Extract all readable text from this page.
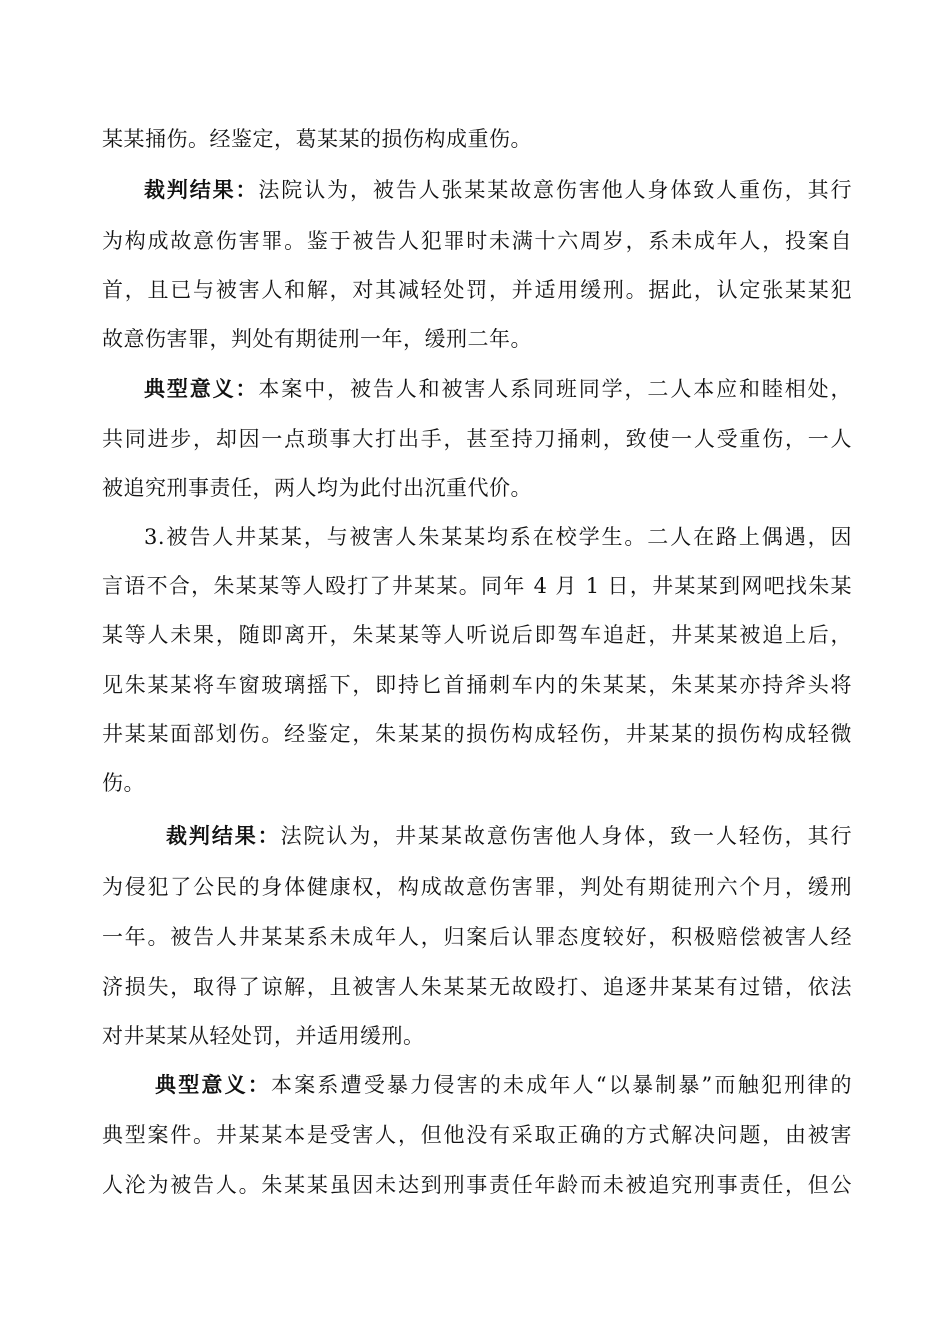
某某捅伤。经鉴定，葛某某的损伤构成重伤。
裁判结果：法院认为，被告人张某某故意伤害他人身体致人重伤，其行
为构成故意伤害罪。鉴于被告人犯罪时未满十六周岁，系未成年人，投案自
首，且已与被害人和解，对其减轻处罚，并适用缓刑。据此，认定张某某犯
故意伤害罪，判处有期徒刑一年，缓刑二年。
典型意义：本案中，被告人和被害人系同班同学，二人本应和睦相处，
共同进步，却因一点琐事大打出手，甚至持刀捅刺，致使一人受重伤，一人
被追究刑事责任，两人均为此付出沉重代价。
3.被告人井某某，与被害人朱某某均系在校学生。二人在路上偶遇，因
言语不合，朱某某等人殴打了井某某。同年 4 月 1 日，井某某到网吧找朱某
某等人未果，随即离开，朱某某等人听说后即驾车追赶，井某某被追上后，
见朱某某将车窗玻璃摇下，即持匕首捅刺车内的朱某某，朱某某亦持斧头将
井某某面部划伤。经鉴定，朱某某的损伤构成轻伤，井某某的损伤构成轻微
伤。
裁判结果：法院认为，井某某故意伤害他人身体，致一人轻伤，其行
为侵犯了公民的身体健康权，构成故意伤害罪，判处有期徒刑六个月，缓刑
一年。被告人井某某系未成年人，归案后认罪态度较好，积极赔偿被害人经
济损失，取得了谅解，且被害人朱某某无故殴打、追逐井某某有过错，依法
对井某某从轻处罚，并适用缓刑。
典型意义：本案系遭受暴力侵害的未成年人“以暴制暴”而触犯刑律的
典型案件。井某某本是受害人，但他没有采取正确的方式解决问题，由被害
人沦为被告人。朱某某虽因未达到刑事责任年龄而未被追究刑事责任，但公
